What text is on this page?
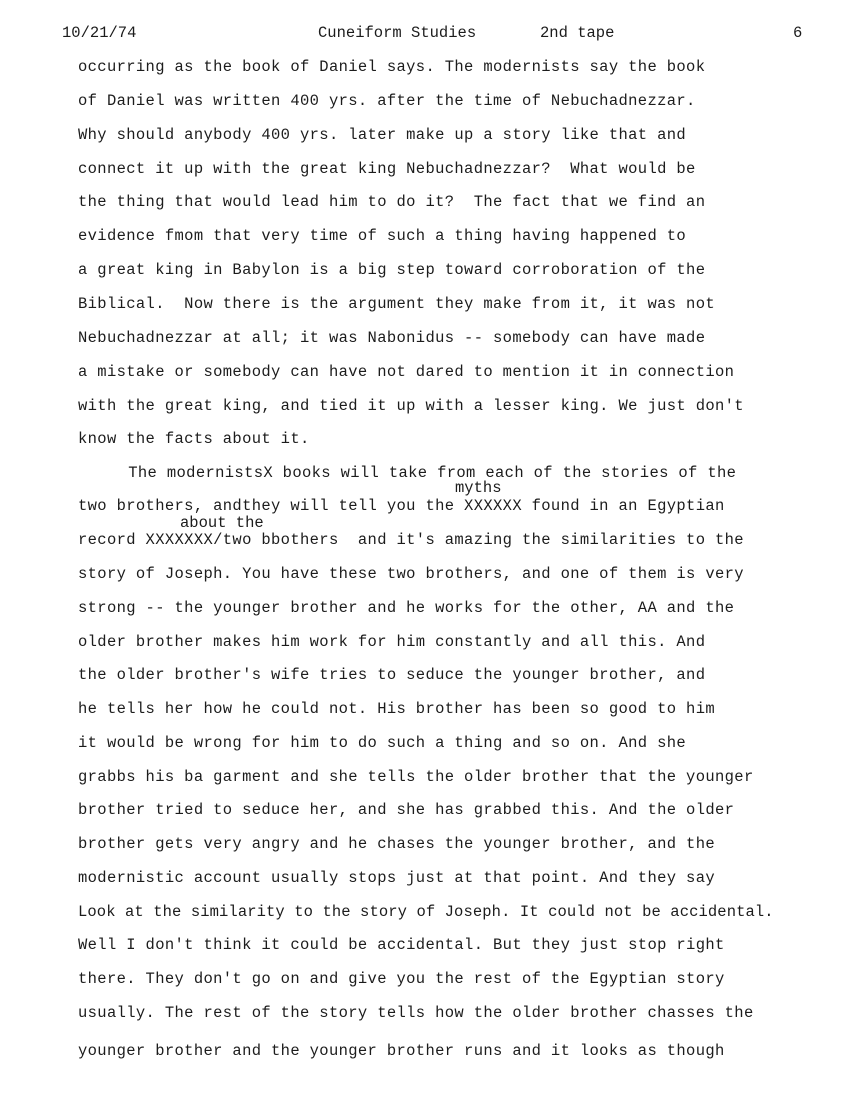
10/21/74	Cuneiform Studies	2nd tape	6
occurring as the book of Daniel says. The modernists say the book
of Daniel was written 400 yrs. after the time of Nebuchadnezzar.
Why should anybody 400 yrs. later make up a story like that and
connect it up with the great king Nebuchadnezzar?  What would be
the thing that would lead him to do it?  The fact that we find an
evidence fmom that very time of such a thing having happened to
a great king in Babylon is a big step toward corroboration of the
Biblical.  Now there is the argument they make from it, it was not
Nebuchadnezzar at all; it was Nabonidus -- somebody can have made
a mistake or somebody can have not dared to mention it in connection
with the great king, and tied it up with a lesser king. We just don't
know the facts about it.
The modernistsX books will take from each of the stories of the
myths
two brothers, andthey will tell you the XXXXXX found in an Egyptian
about the
record XXXXXXX/two bbothers  and it's amazing the similarities to the
story of Joseph. You have these two brothers, and one of them is very
strong -- the younger brother and he works for the other, AA and the
older brother makes him work for him constantly and all this. And
the older brother's wife tries to seduce the younger brother, and
he tells her how he could not. His brother has been so good to him
it would be wrong for him to do such a thing and so on. And she
grabbs his ba garment and she tells the older brother that the younger
brother tried to seduce her, and she has grabbed this. And the older
brother gets very angry and he chases the younger brother, and the
modernistic account usually stops just at that point. And they say
Look at the similarity to the story of Joseph. It could not be accidental.
Well I don't think it could be accidental. But they just stop right
there. They don't go on and give you the rest of the Egyptian story
usually. The rest of the story tells how the older brother chasses the
younger brother and the younger brother runs and it looks as though
